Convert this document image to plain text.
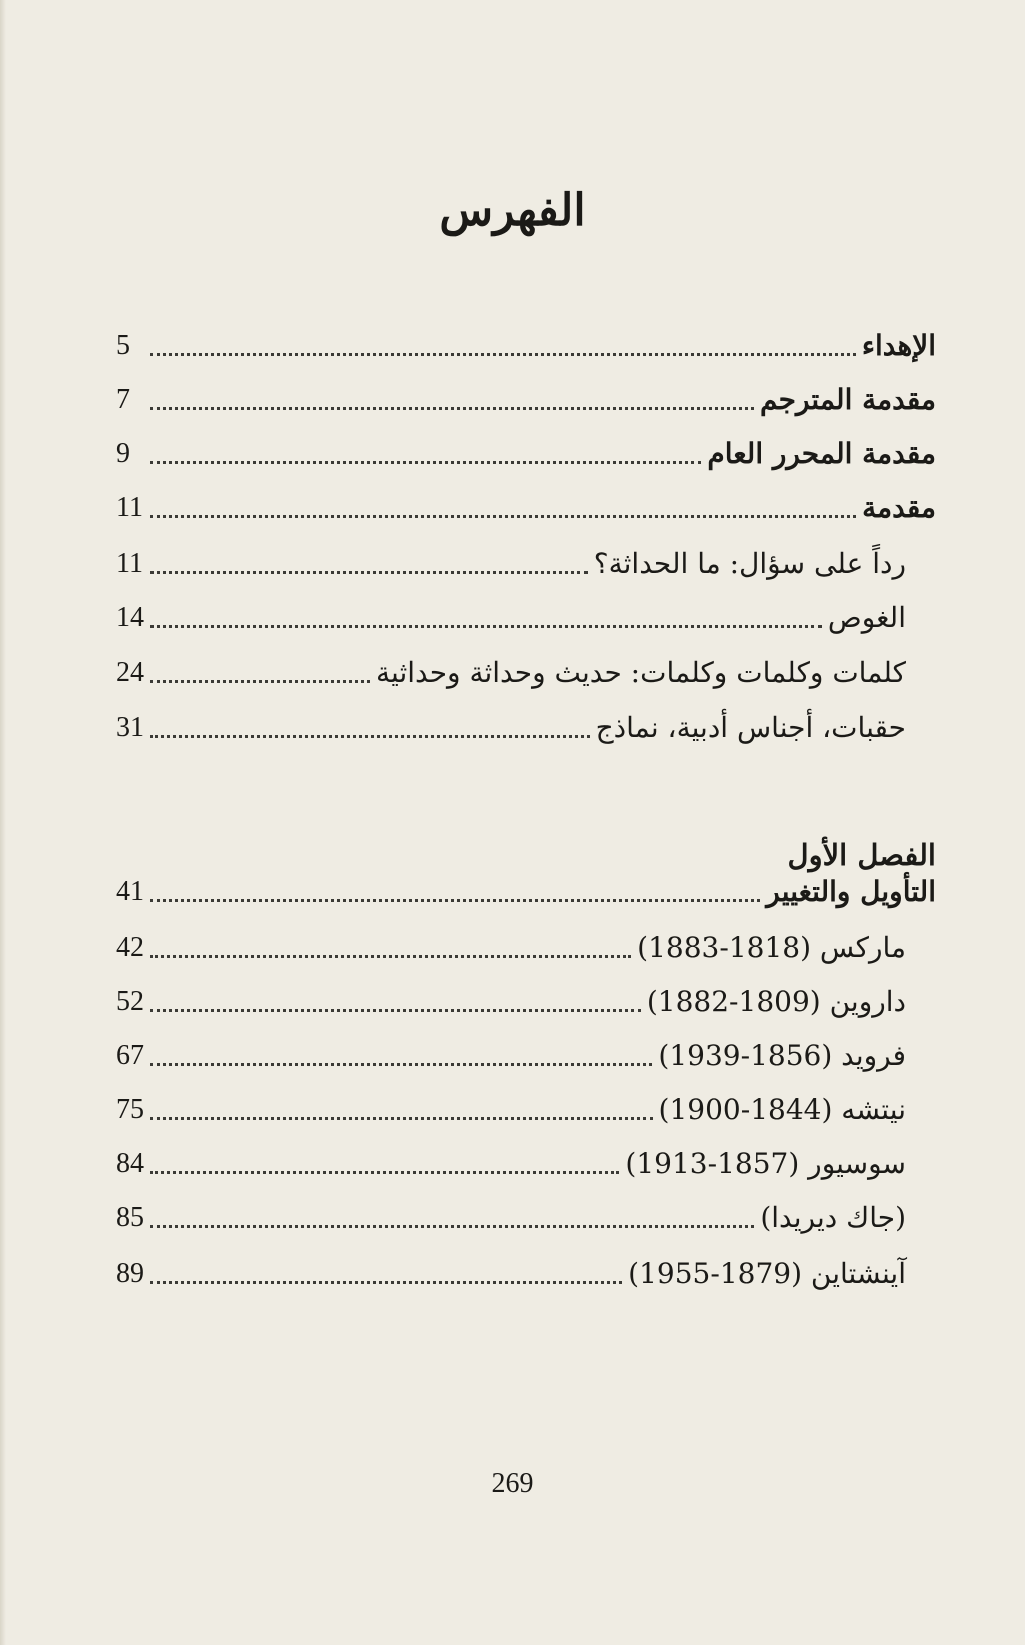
الفهرس
الإهداء
5
مقدمة المترجم
7
مقدمة المحرر العام
9
مقدمة
11
رداً على سؤال: ما الحداثة؟
11
الغوص
14
كلمات وكلمات وكلمات: حديث وحداثة وحداثية
24
حقبات، أجناس أدبية، نماذج
31
الفصل الأول
التأويل والتغيير
41
ماركس (1818-1883)
42
داروين (1809-1882)
52
فرويد (1856-1939)
67
نيتشه (1844-1900)
75
سوسيور (1857-1913)
84
(جاك ديريدا)
85
آينشتاين (1879-1955)
89
269
